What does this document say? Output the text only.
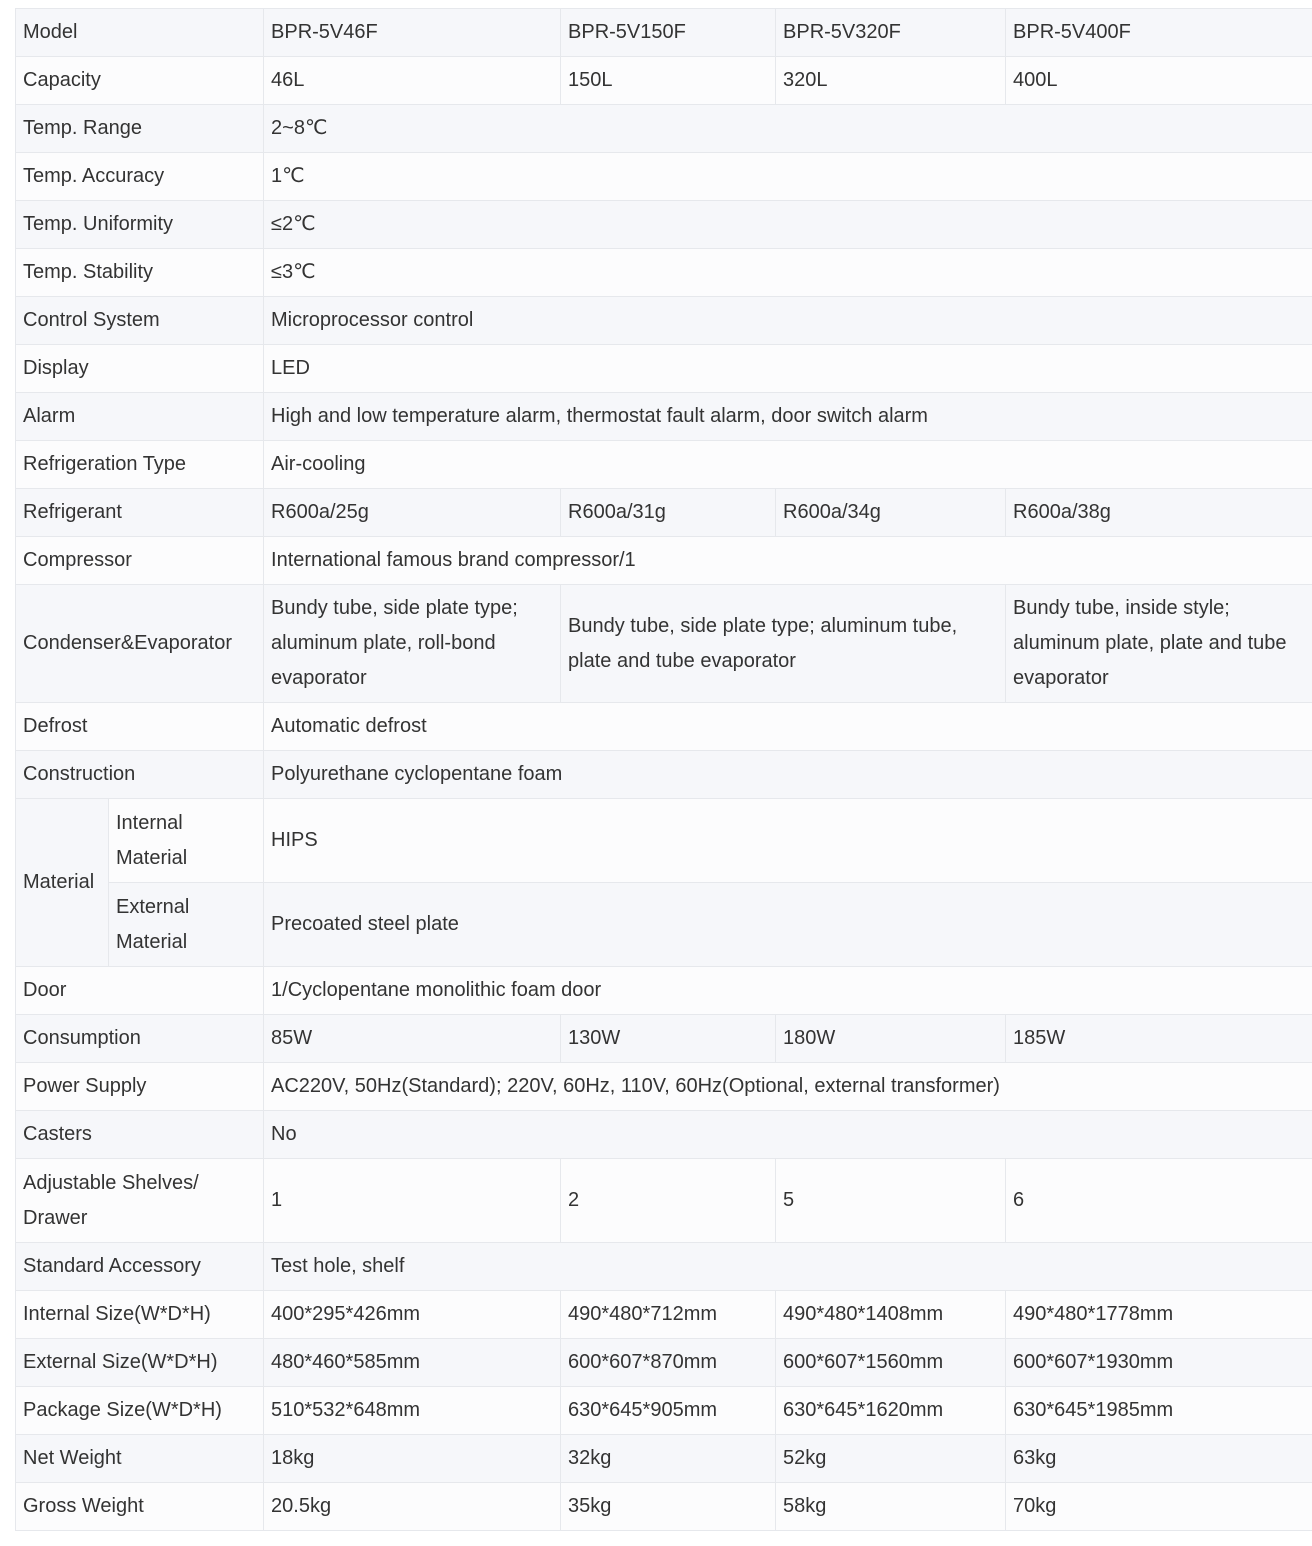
Model		BPR-5V46F	BPR-5V150F	BPR-5V320F	BPR-5V400F
Capacity		46L	150L	320L	400L
Temp. Range		2~8℃			
Temp. Accuracy		1℃			
Temp. Uniformity		≤2℃			
Temp. Stability		≤3℃			
Control System		Microprocessor control			
Display		LED			
Alarm		High and low temperature alarm, thermostat fault alarm, door switch alarm			
Refrigeration Type		Air-cooling			
Refrigerant		R600a/25g	R600a/31g	R600a/34g	R600a/38g
Compressor		International famous brand compressor/1			
Condenser&Evaporator		Bundy tube, side plate type; aluminum plate, roll-bond evaporator	Bundy tube, side plate type; aluminum tube, plate and tube evaporator		Bundy tube, inside style; aluminum plate, plate and tube evaporator
Defrost		Automatic defrost			
Construction		Polyurethane cyclopentane foam			
Material	Internal Material	HIPS			
	External Material	Precoated steel plate			
Door		1/Cyclopentane monolithic foam door			
Consumption		85W	130W	180W	185W
Power Supply		AC220V, 50Hz(Standard); 220V, 60Hz, 110V, 60Hz(Optional, external transformer)			
Casters		No			
Adjustable Shelves/ Drawer		1	2	5	6
Standard Accessory		Test hole, shelf			
Internal Size(W*D*H)		400*295*426mm	490*480*712mm	490*480*1408mm	490*480*1778mm
External Size(W*D*H)		480*460*585mm	600*607*870mm	600*607*1560mm	600*607*1930mm
Package Size(W*D*H)		510*532*648mm	630*645*905mm	630*645*1620mm	630*645*1985mm
Net Weight		18kg	32kg	52kg	63kg
Gross Weight		20.5kg	35kg	58kg	70kg
